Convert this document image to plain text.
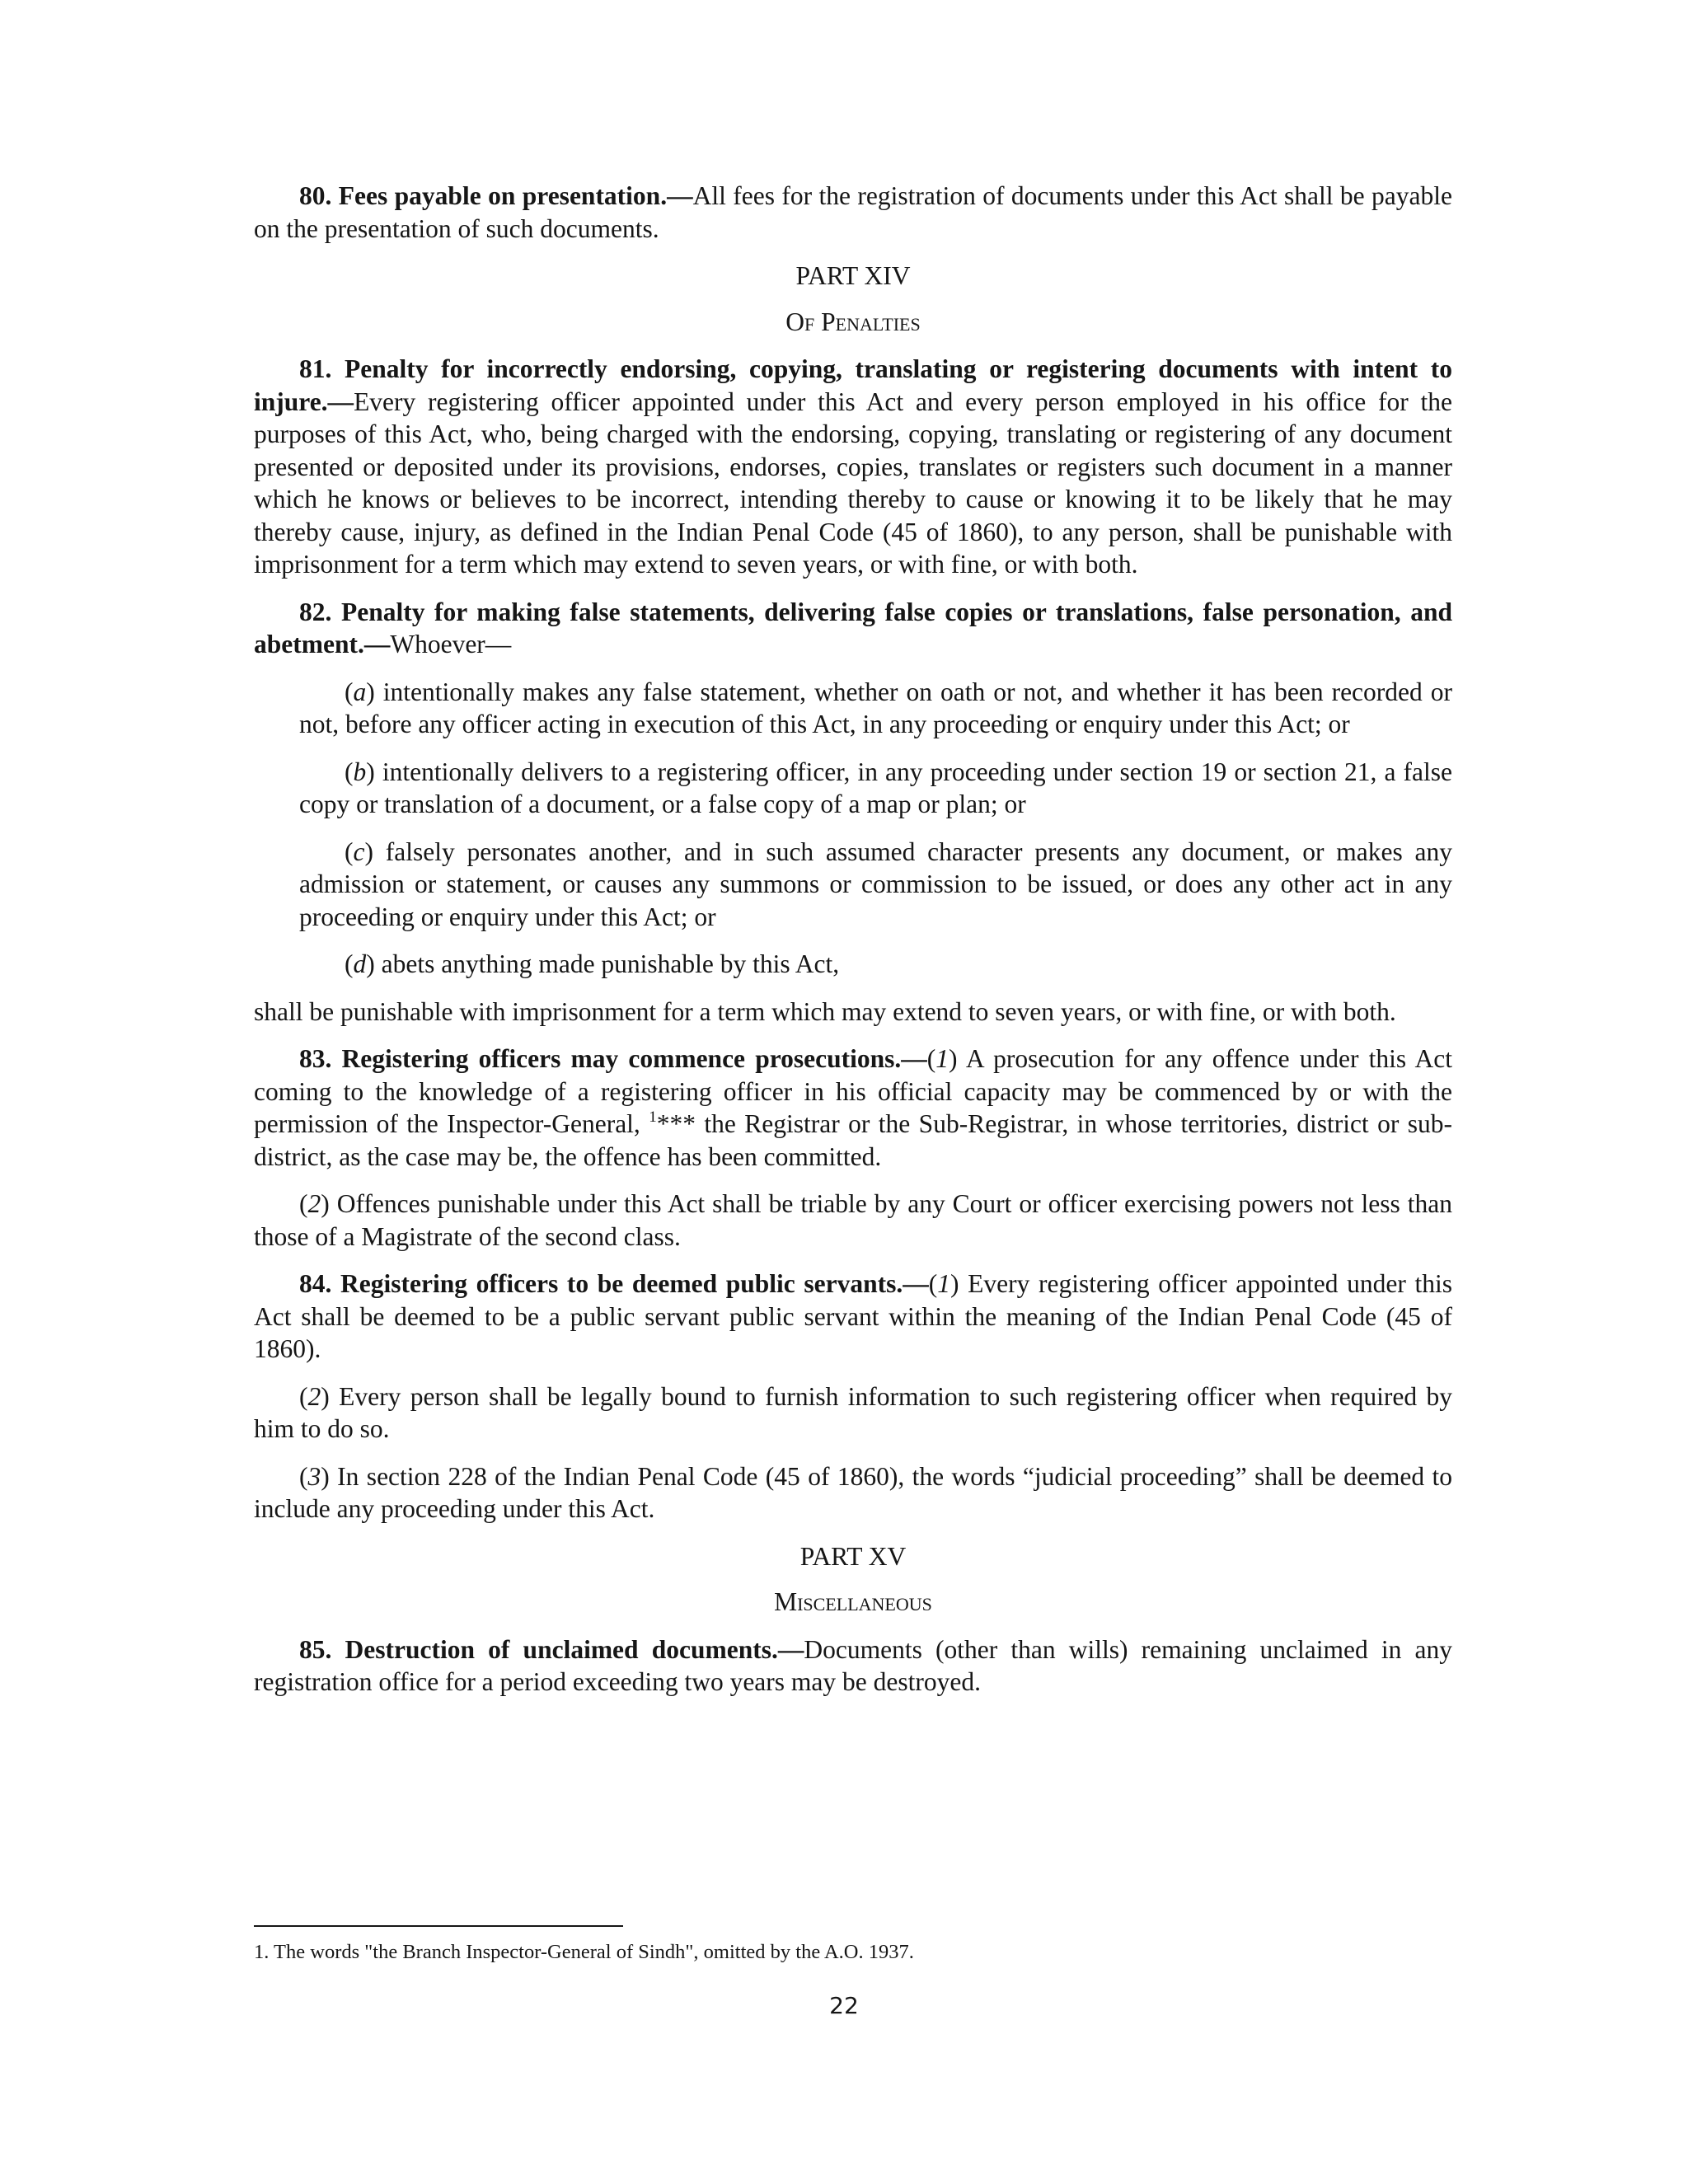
80. Fees payable on presentation.—All fees for the registration of documents under this Act shall be payable on the presentation of such documents.

PART XIV

Of Penalties

81. Penalty for incorrectly endorsing, copying, translating or registering documents with intent to injure.—Every registering officer appointed under this Act and every person employed in his office for the purposes of this Act, who, being charged with the endorsing, copying, translating or registering of any document presented or deposited under its provisions, endorses, copies, translates or registers such document in a manner which he knows or believes to be incorrect, intending thereby to cause or knowing it to be likely that he may thereby cause, injury, as defined in the Indian Penal Code (45 of 1860), to any person, shall be punishable with imprisonment for a term which may extend to seven years, or with fine, or with both.

82. Penalty for making false statements, delivering false copies or translations, false personation, and abetment.—Whoever—

(a) intentionally makes any false statement, whether on oath or not, and whether it has been recorded or not, before any officer acting in execution of this Act, in any proceeding or enquiry under this Act; or

(b) intentionally delivers to a registering officer, in any proceeding under section 19 or section 21, a false copy or translation of a document, or a false copy of a map or plan; or

(c) falsely personates another, and in such assumed character presents any document, or makes any admission or statement, or causes any summons or commission to be issued, or does any other act in any proceeding or enquiry under this Act; or

(d) abets anything made punishable by this Act,

shall be punishable with imprisonment for a term which may extend to seven years, or with fine, or with both.

83. Registering officers may commence prosecutions.—(1) A prosecution for any offence under this Act coming to the knowledge of a registering officer in his official capacity may be commenced by or with the permission of the Inspector-General, $^1$*** the Registrar or the Sub-Registrar, in whose territories, district or sub-district, as the case may be, the offence has been committed.

(2) Offences punishable under this Act shall be triable by any Court or officer exercising powers not less than those of a Magistrate of the second class.

84. Registering officers to be deemed public servants.—(1) Every registering officer appointed under this Act shall be deemed to be a public servant public servant within the meaning of the Indian Penal Code (45 of 1860).

(2) Every person shall be legally bound to furnish information to such registering officer when required by him to do so.

(3) In section 228 of the Indian Penal Code (45 of 1860), the words “judicial proceeding” shall be deemed to include any proceeding under this Act.

PART XV

Miscellaneous

85. Destruction of unclaimed documents.—Documents (other than wills) remaining unclaimed in any registration office for a period exceeding two years may be destroyed.

1. The words "the Branch Inspector-General of Sindh", omitted by the A.O. 1937.

22
